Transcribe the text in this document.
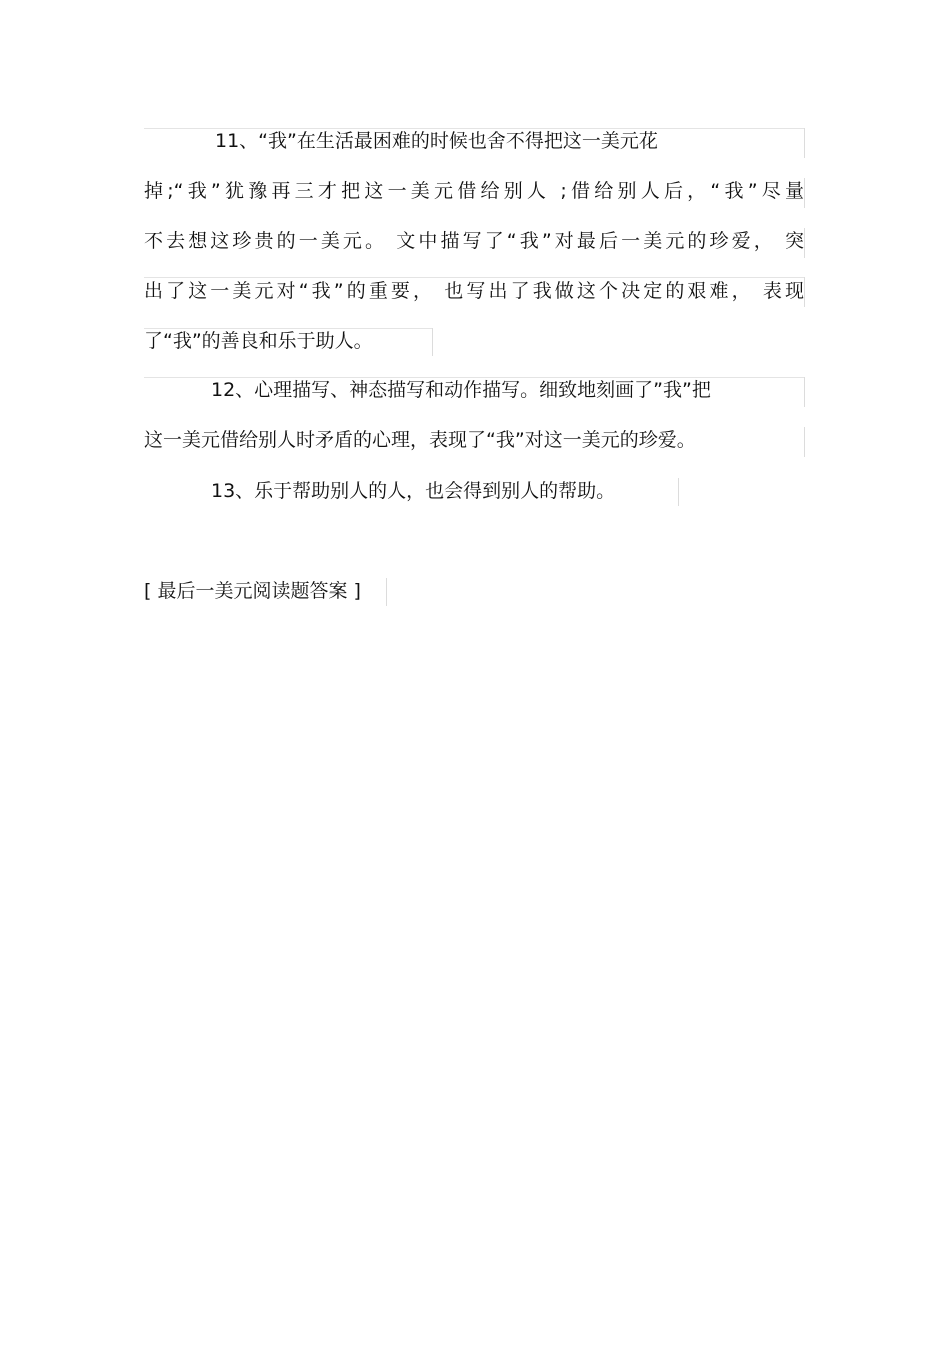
11、“我”在生活最困难的时候也舍不得把这一美元花
掉;“我”犹豫再三才把这一美元借给别人 ;借给别人后，“我”尽量
不去想这珍贵的一美元。 文中描写了“我”对最后一美元的珍爱， 突
出了这一美元对“我”的重要， 也写出了我做这个决定的艰难， 表现
了“我”的善良和乐于助人。
12、心理描写、神态描写和动作描写。细致地刻画了”我”把
这一美元借给别人时矛盾的心理，表现了“我”对这一美元的珍爱。
13、乐于帮助别人的人，也会得到别人的帮助。
[ 最后一美元阅读题答案 ]
